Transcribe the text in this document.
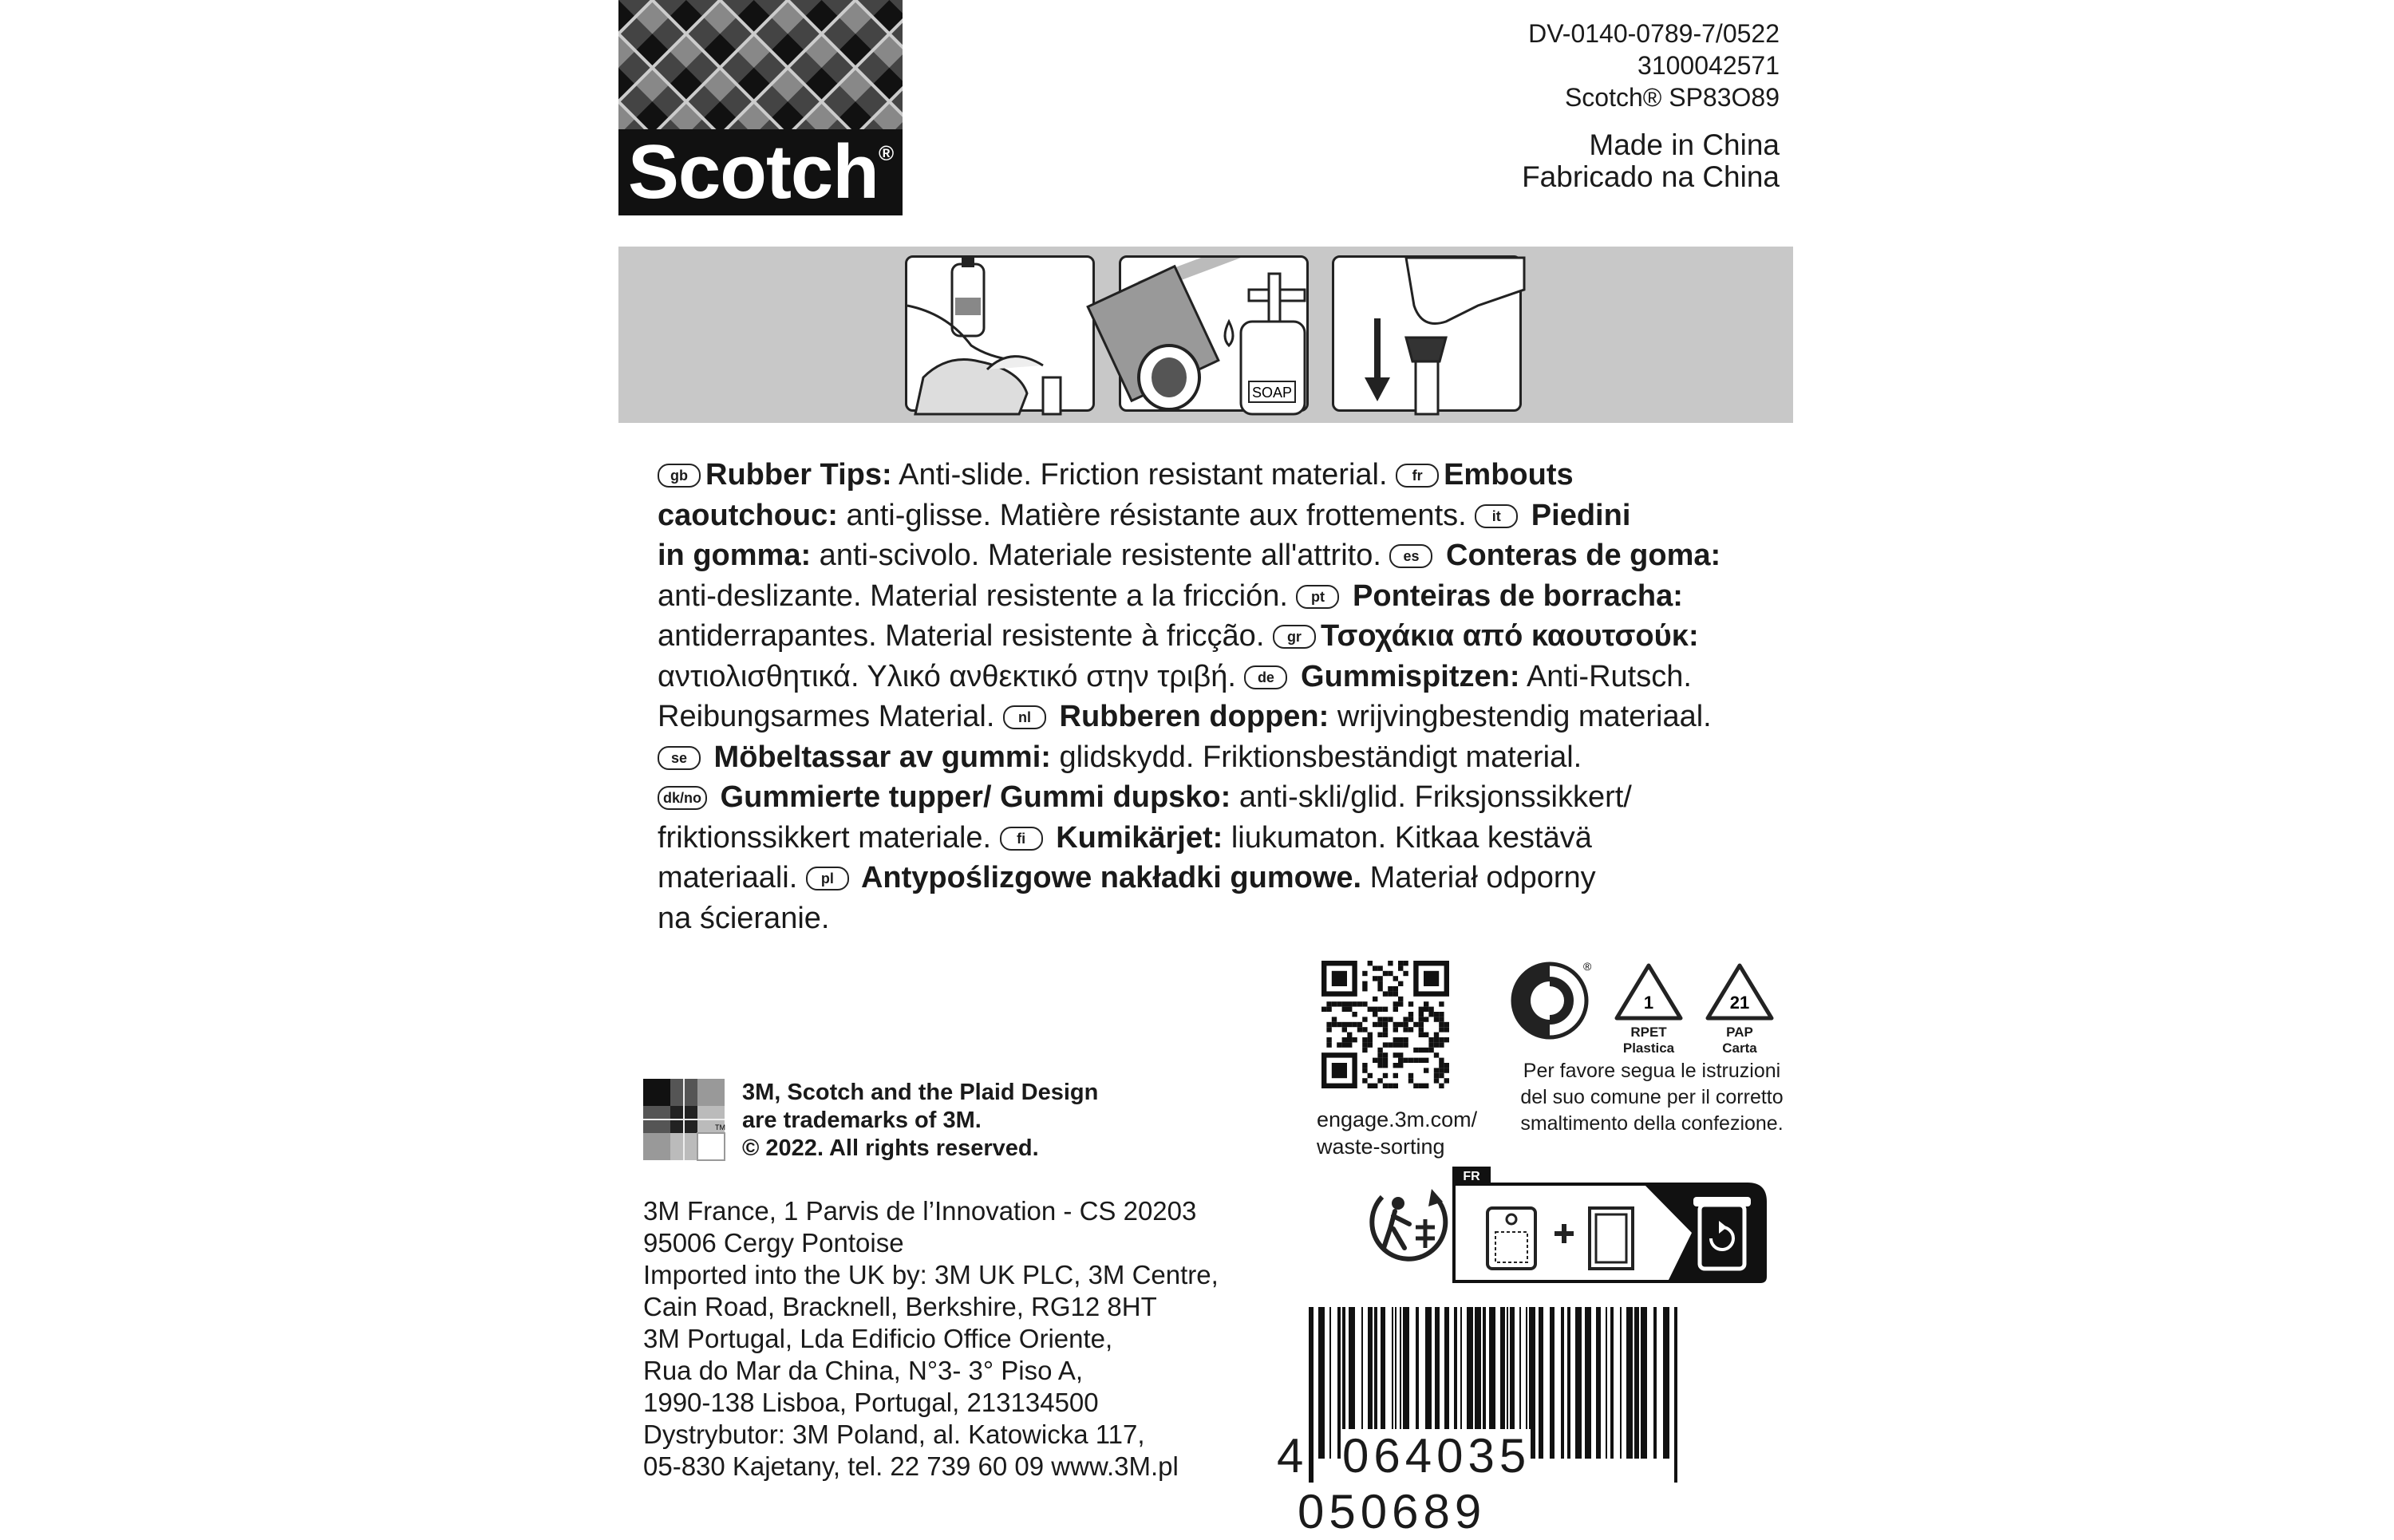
Scotch®
DV-0140-0789-7/0522
3100042571
Scotch® SP83O89
Made in China
Fabricado na China
SOAP

gb Rubber Tips: Anti-slide. Friction resistant material. fr Embouts

caoutchouc: anti-glisse. Matière résistante aux frottements. it Piedini

in gomma: anti-scivolo. Materiale resistente all'attrito. es Conteras de goma:

anti-deslizante. Material resistente a la fricción. pt Ponteiras de borracha:

antiderrapantes. Material resistente à fricção. gr Τσοχάκια από καουτσούκ:

αντιολισθητικά. Υλικό ανθεκτικό στην τριβή. de Gummispitzen: Anti-Rutsch.

Reibungsarmes Material. nl Rubberen doppen: wrijvingbestendig materiaal.

se Möbeltassar av gummi: glidskydd. Friktionsbeständigt material.

dk/no Gummierte tupper/ Gummi dupsko: anti-skli/glid. Friksjonssikkert/

friktionssikkert materiale. fi Kumikärjet: liukumaton. Kitkaa kestävä

materiaali. pl Antypoślizgowe nakładki gumowe. Materiał odporny

na ścieranie.

engage.3m.com/
waste-sorting
®
1
RPET
Plastica
21
PAP
Carta
Per favore segua le istruzioni
del suo comune per il corretto
smaltimento della confezione.
TM
3M, Scotch and the Plaid Design
are trademarks of 3M.
© 2022. All rights reserved.
3M France, 1 Parvis de l’Innovation - CS 20203
95006 Cergy Pontoise
Imported into the UK by: 3M UK PLC, 3M Centre,
Cain Road, Bracknell, Berkshire, RG12 8HT
3M Portugal, Lda Edificio Office Oriente,
Rua do Mar da China, N°3- 3° Piso A,
1990-138 Lisboa, Portugal, 213134500
Dystrybutor: 3M Poland, al. Katowicka 117,
05-830 Kajetany, tel. 22 739 60 09 www.3M.pl
FR
4 064035 050689
